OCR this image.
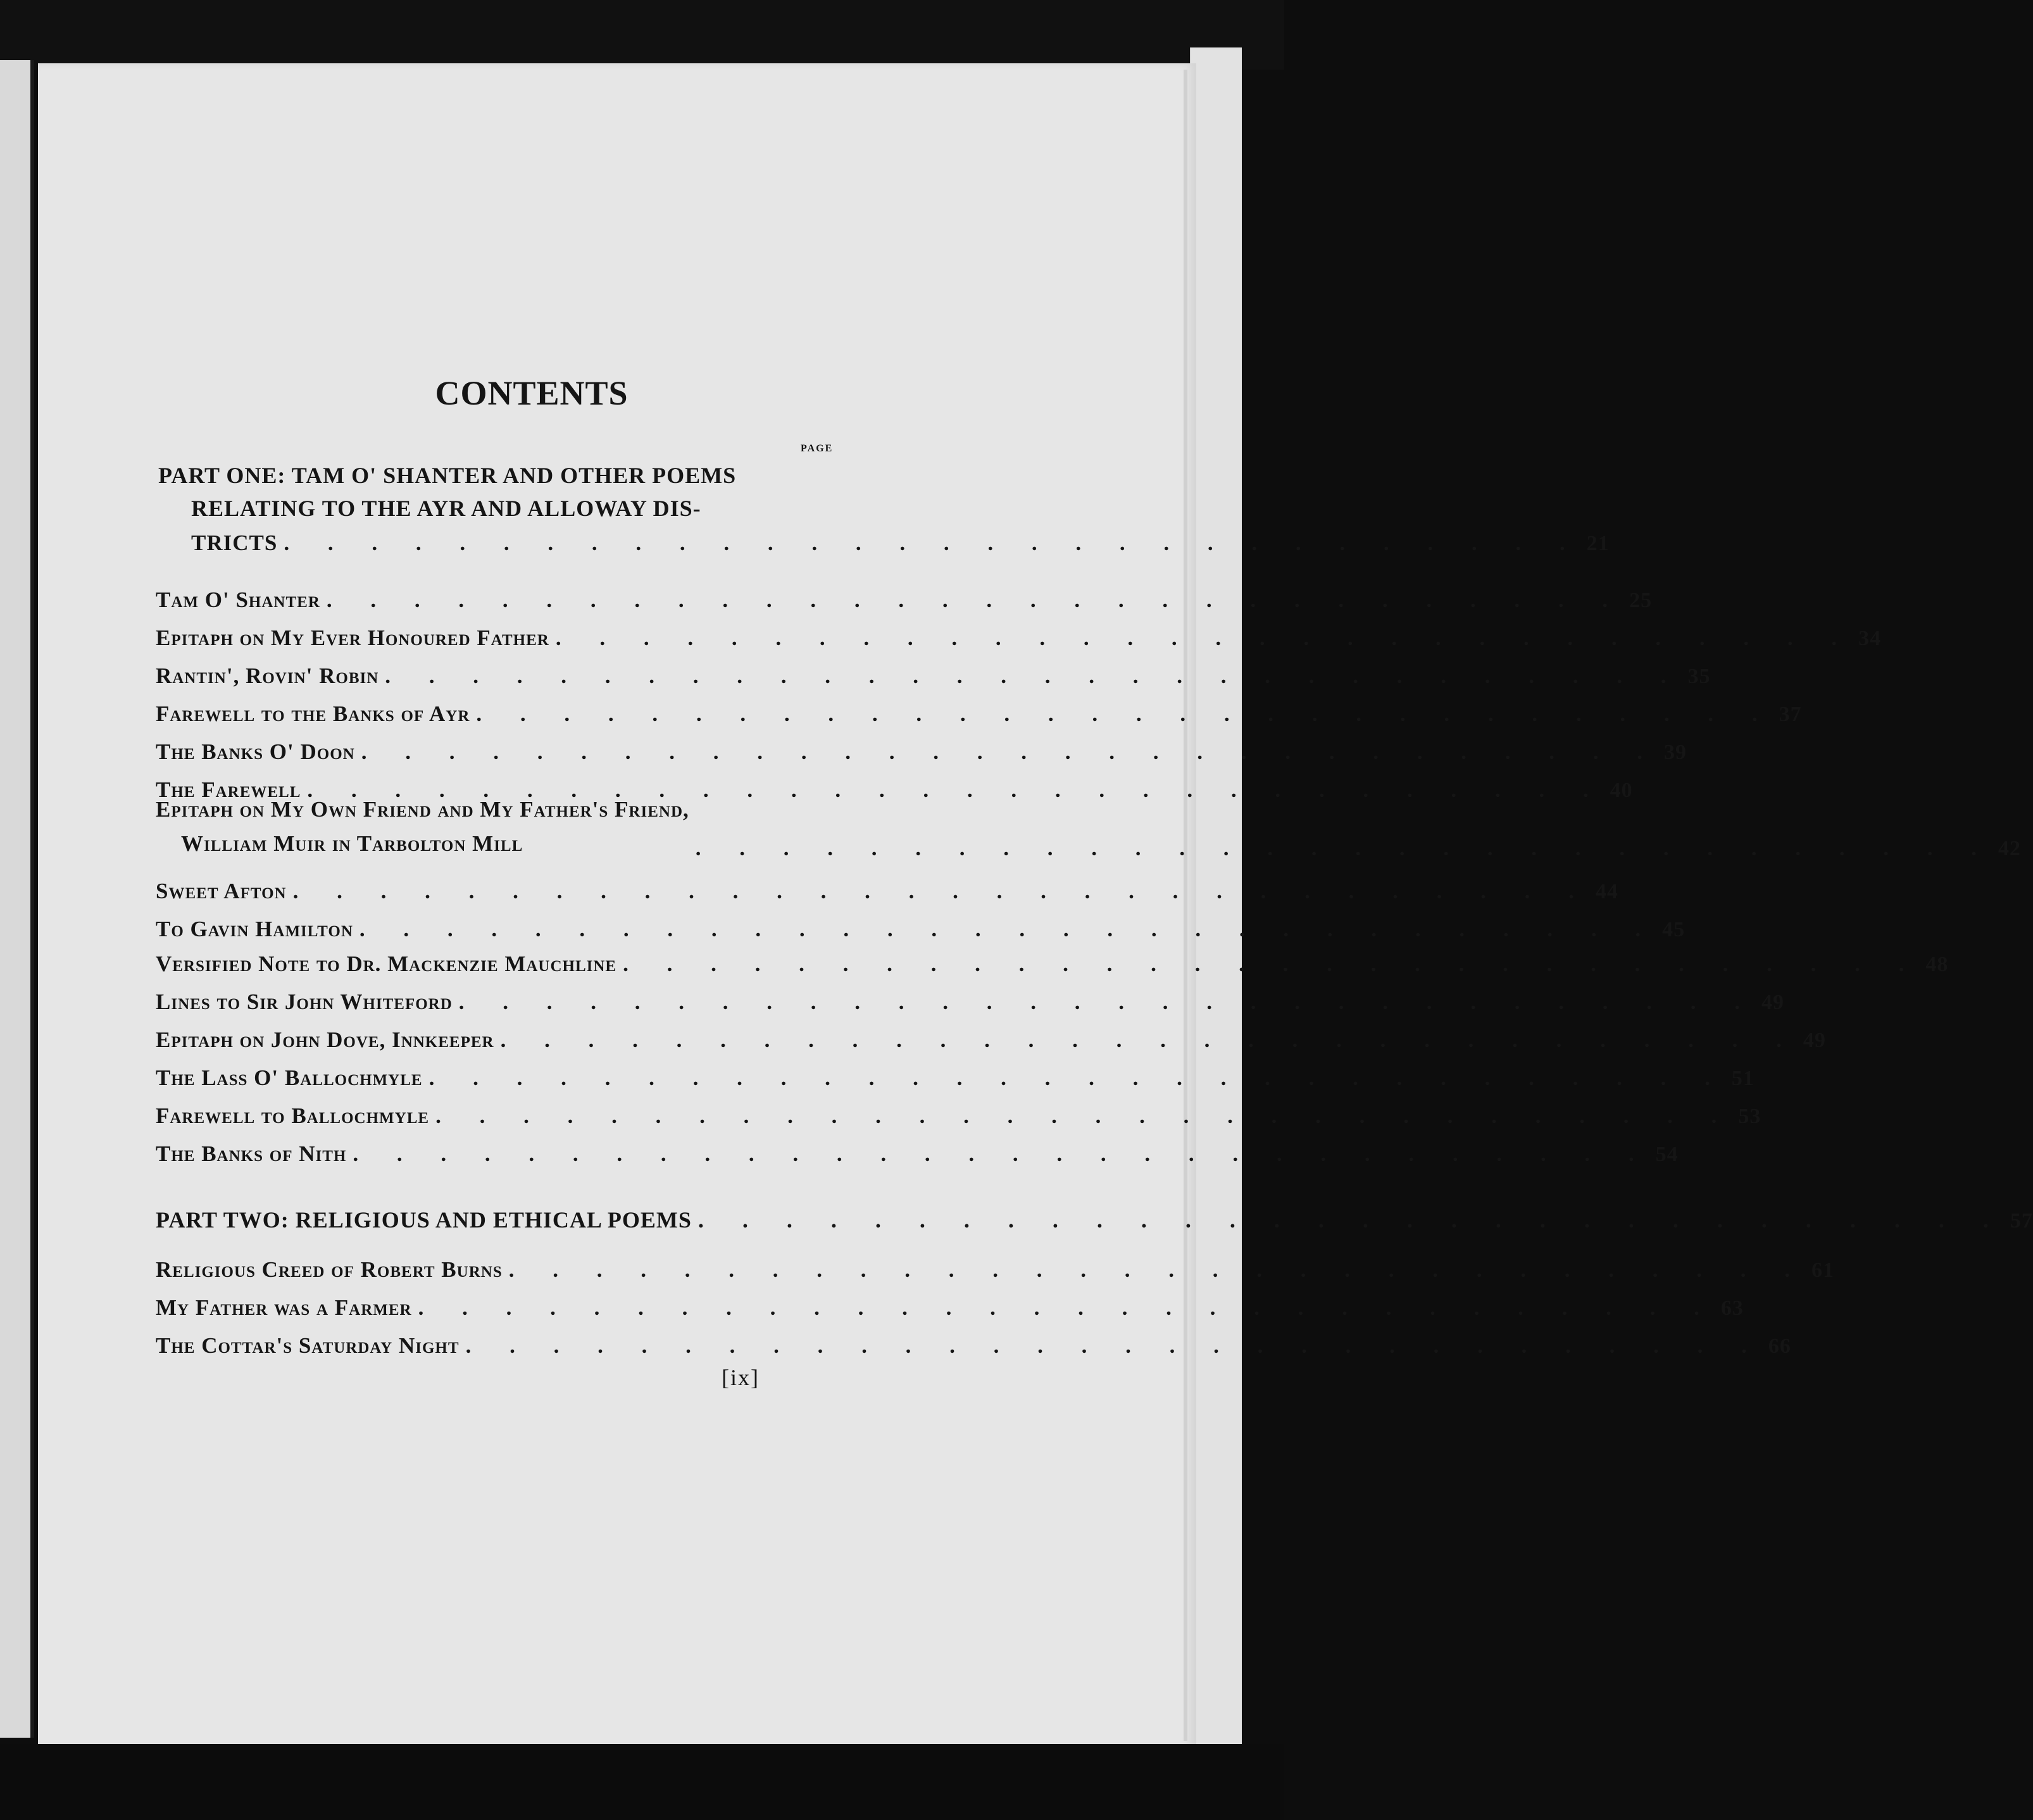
CONTENTS
PAGE
PART ONE: TAM O' SHANTER AND OTHER POEMS
RELATING TO THE AYR AND ALLOWAY DIS-
TRICTS . . . . . . . . . . . . . . . . . . . . . . . . . . . . . . 21
Tam O' Shanter . . . . . . . . . . . . . . . . . . . . . . . . . . . . . . 25
Epitaph on My Ever Honoured Father . . . . . . . . . . . . . . . . . . . . . . . . . . . . . . 34
Rantin', Rovin' Robin . . . . . . . . . . . . . . . . . . . . . . . . . . . . . . 35
Farewell to the Banks of Ayr . . . . . . . . . . . . . . . . . . . . . . . . . . . . . . 37
The Banks O' Doon . . . . . . . . . . . . . . . . . . . . . . . . . . . . . . 39
The Farewell . . . . . . . . . . . . . . . . . . . . . . . . . . . . . . 40
Epitaph on My Own Friend and My Father's Friend,
William Muir in Tarbolton Mill	. . . . . . . . . . . . . . . . . . . . . . . . . . . . . . 42
Sweet Afton . . . . . . . . . . . . . . . . . . . . . . . . . . . . . . 44
To Gavin Hamilton . . . . . . . . . . . . . . . . . . . . . . . . . . . . . . 45
Versified Note to Dr. Mackenzie Mauchline . . . . . . . . . . . . . . . . . . . . . . . . . . . . . . 48
Lines to Sir John Whiteford . . . . . . . . . . . . . . . . . . . . . . . . . . . . . . 49
Epitaph on John Dove, Innkeeper . . . . . . . . . . . . . . . . . . . . . . . . . . . . . . 49
The Lass O' Ballochmyle . . . . . . . . . . . . . . . . . . . . . . . . . . . . . . 51
Farewell to Ballochmyle . . . . . . . . . . . . . . . . . . . . . . . . . . . . . . 53
The Banks of Nith . . . . . . . . . . . . . . . . . . . . . . . . . . . . . . 54
PART TWO: RELIGIOUS AND ETHICAL POEMS . . . . . . . . . . . . . . . . . . . . . . . . . . . . . . 57
Religious Creed of Robert Burns . . . . . . . . . . . . . . . . . . . . . . . . . . . . . . 61
My Father was a Farmer . . . . . . . . . . . . . . . . . . . . . . . . . . . . . . 63
The Cottar's Saturday Night . . . . . . . . . . . . . . . . . . . . . . . . . . . . . . 66
[ix]
